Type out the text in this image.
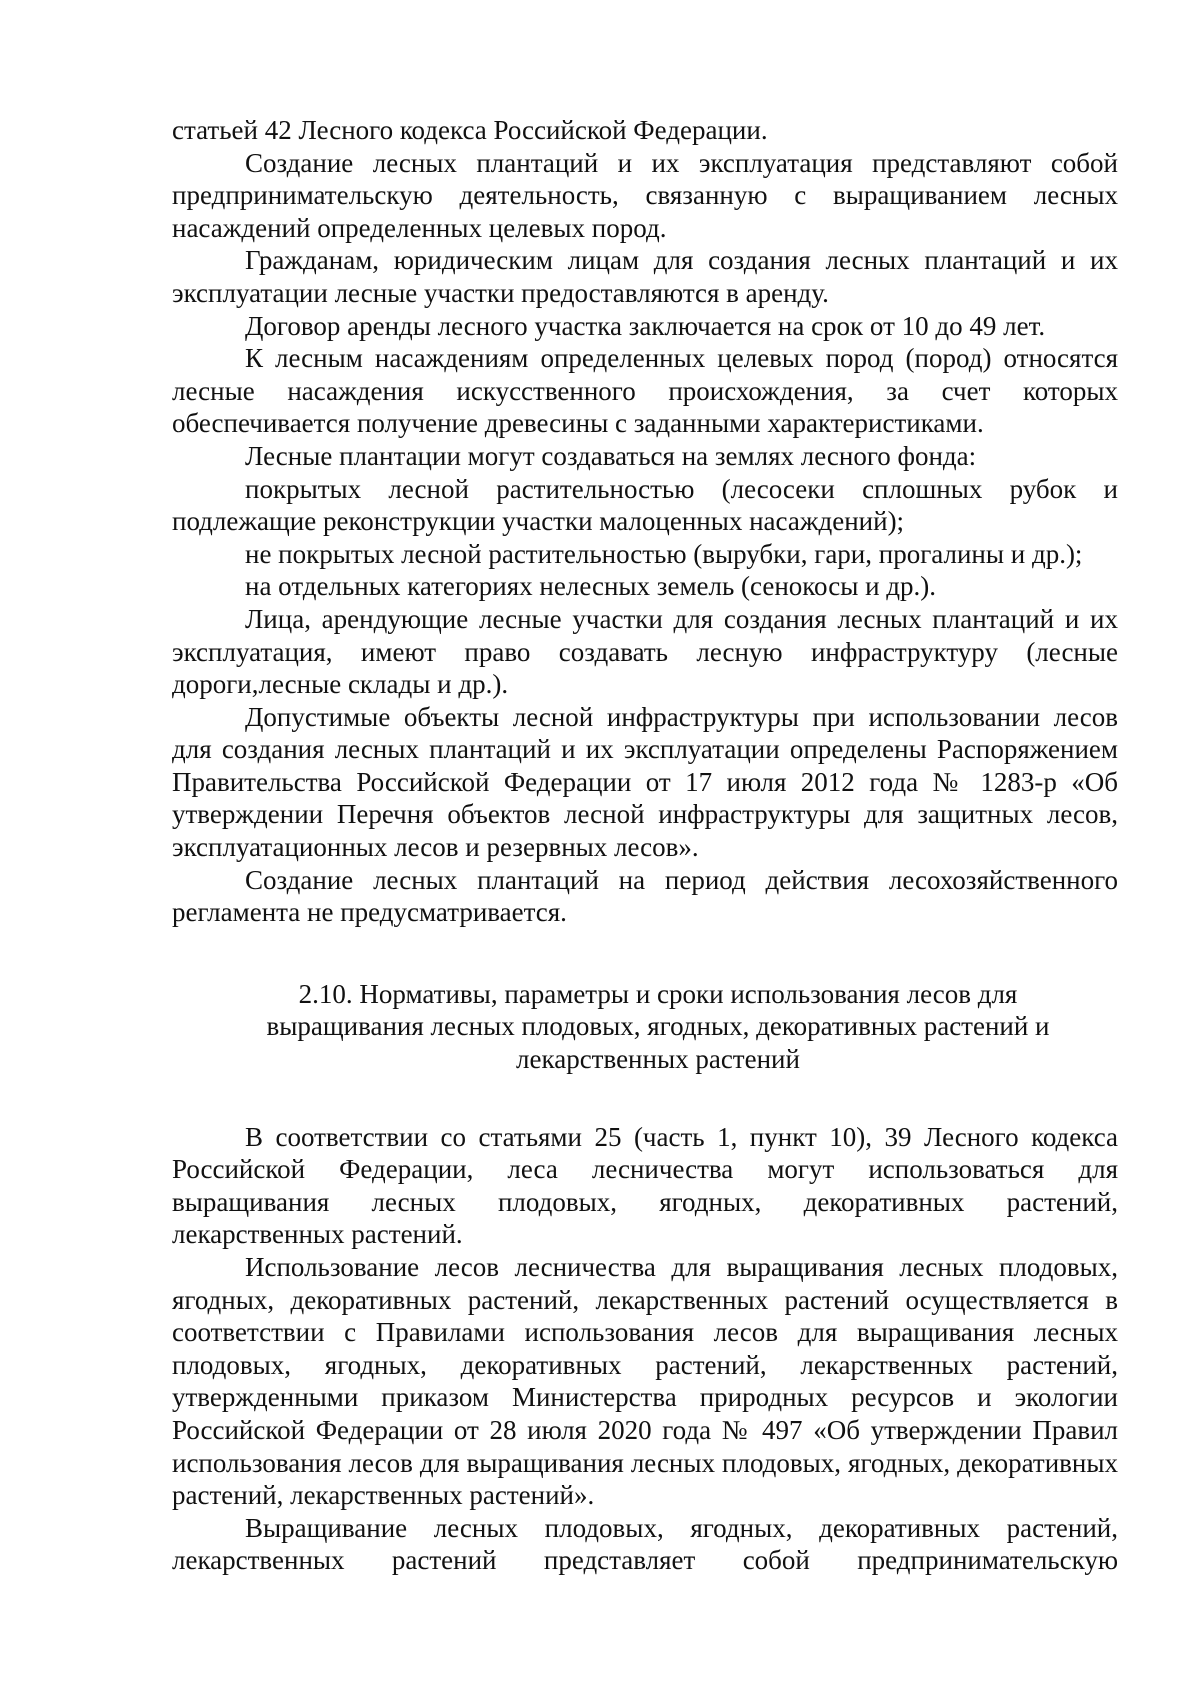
статьей 42 Лесного кодекса Российской Федерации.

Создание лесных плантаций и их эксплуатация представляют собой предпринимательскую деятельность, связанную с выращиванием лесных насаждений определенных целевых пород.

Гражданам, юридическим лицам для создания лесных плантаций и их эксплуатации лесные участки предоставляются в аренду.

Договор аренды лесного участка заключается на срок от 10 до 49 лет.

К лесным насаждениям определенных целевых пород (пород) относятся лесные насаждения искусственного происхождения, за счет которых обеспечивается получение древесины с заданными характеристиками.

Лесные плантации могут создаваться на землях лесного фонда:

покрытых лесной растительностью (лесосеки сплошных рубок и подлежащие реконструкции участки малоценных насаждений);

не покрытых лесной растительностью (вырубки, гари, прогалины и др.);

на отдельных категориях нелесных земель (сенокосы и др.).

Лица, арендующие лесные участки для создания лесных плантаций и их эксплуатация, имеют право создавать лесную инфраструктуру (лесные дороги,лесные склады и др.).

Допустимые объекты лесной инфраструктуры при использовании лесов для создания лесных плантаций и их эксплуатации определены Распоряжением Правительства Российской Федерации от 17 июля 2012 года № 1283-р «Об утверждении Перечня объектов лесной инфраструктуры для защитных лесов, эксплуатационных лесов и резервных лесов».

Создание лесных плантаций на период действия лесохозяйственного регламента не предусматривается.

2.10. Нормативы, параметры и сроки использования лесов для выращивания лесных плодовых, ягодных, декоративных растений и лекарственных растений

В соответствии со статьями 25 (часть 1, пункт 10), 39 Лесного кодекса Российской Федерации, леса лесничества могут использоваться для выращивания лесных плодовых, ягодных, декоративных растений, лекарственных растений.

Использование лесов лесничества для выращивания лесных плодовых, ягодных, декоративных растений, лекарственных растений осуществляется в соответствии с Правилами использования лесов для выращивания лесных плодовых, ягодных, декоративных растений, лекарственных растений, утвержденными приказом Министерства природных ресурсов и экологии Российской Федерации от 28 июля 2020 года № 497 «Об утверждении Правил использования лесов для выращивания лесных плодовых, ягодных, декоративных растений, лекарственных растений».

Выращивание лесных плодовых, ягодных, декоративных растений, лекарственных растений представляет собой предпринимательскую
